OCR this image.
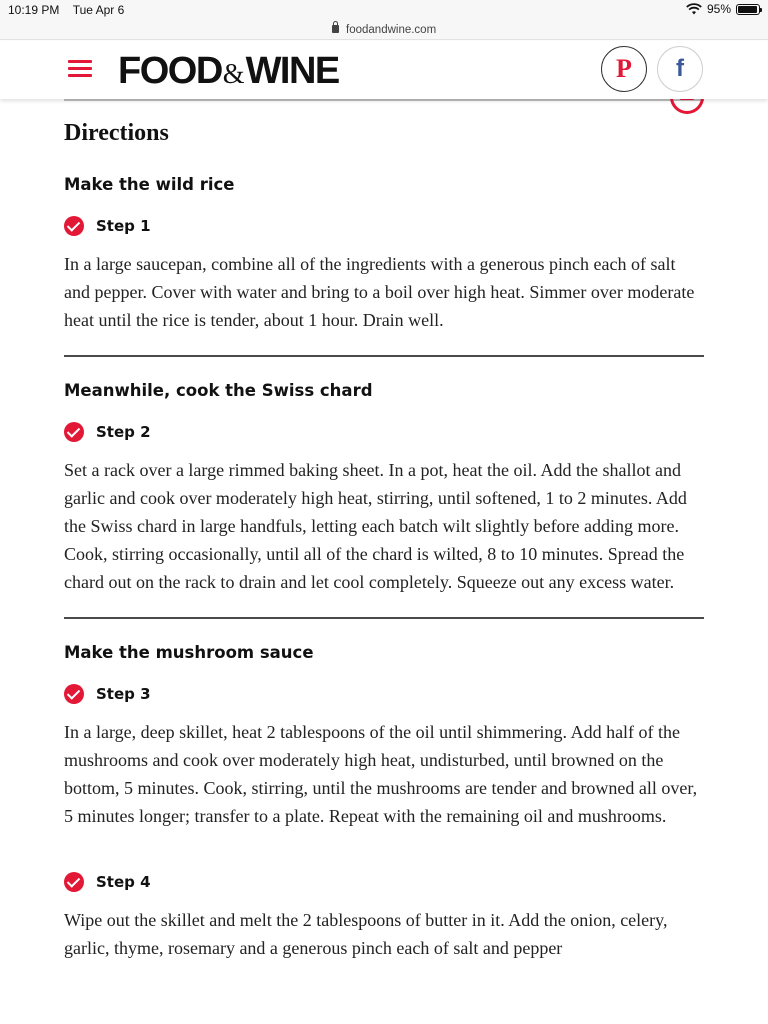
10:19 PM Tue Apr 6	95%
foodandwine.com
FOOD&WINE	P f
Directions
Make the wild rice
Step 1

In a large saucepan, combine all of the ingredients with a generous pinch each of salt and pepper. Cover with water and bring to a boil over high heat. Simmer over moderate heat until the rice is tender, about 1 hour. Drain well.

Meanwhile, cook the Swiss chard
Step 2

Set a rack over a large rimmed baking sheet. In a pot, heat the oil. Add the shallot and garlic and cook over moderately high heat, stirring, until softened, 1 to 2 minutes. Add the Swiss chard in large handfuls, letting each batch wilt slightly before adding more. Cook, stirring occasionally, until all of the chard is wilted, 8 to 10 minutes. Spread the chard out on the rack to drain and let cool completely. Squeeze out any excess water.

Make the mushroom sauce
Step 3

In a large, deep skillet, heat 2 tablespoons of the oil until shimmering. Add half of the mushrooms and cook over moderately high heat, undisturbed, until browned on the bottom, 5 minutes. Cook, stirring, until the mushrooms are tender and browned all over, 5 minutes longer; transfer to a plate. Repeat with the remaining oil and mushrooms.

Step 4

Wipe out the skillet and melt the 2 tablespoons of butter in it. Add the onion, celery, garlic, thyme, rosemary and a generous pinch each of salt and pepper
